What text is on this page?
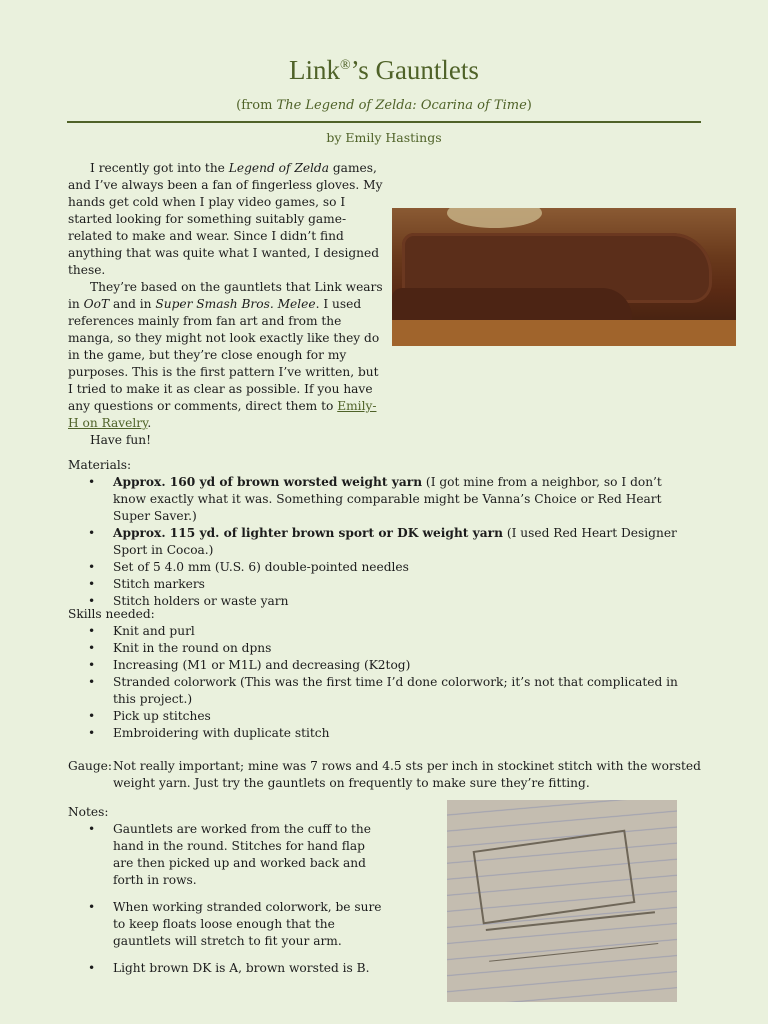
Link®’s Gauntlets
(from The Legend of Zelda: Ocarina of Time)
by Emily Hastings

I recently got into the Legend of Zelda games, and I’ve always been a fan of fingerless gloves. My hands get cold when I play video games, so I started looking for something suitably game-related to make and wear. Since I didn’t find anything that was quite what I wanted, I designed these.

They’re based on the gauntlets that Link wears in OoT and in Super Smash Bros. Melee. I used references mainly from fan art and from the manga, so they might not look exactly like they do in the game, but they’re close enough for my purposes. This is the first pattern I’ve written, but I tried to make it as clear as possible. If you have any questions or comments, direct them to Emily-H on Ravelry.

Have fun!

Materials:

• Approx. 160 yd of brown worsted weight yarn (I got mine from a neighbor, so I don’t know exactly what it was. Something comparable might be Vanna’s Choice or Red Heart Super Saver.)
• Approx. 115 yd. of lighter brown sport or DK weight yarn (I used Red Heart Designer Sport in Cocoa.)
• Set of 5 4.0 mm (U.S. 6) double-pointed needles
• Stitch markers
• Stitch holders or waste yarn

Skills needed:

• Knit and purl
• Knit in the round on dpns
• Increasing (M1 or M1L) and decreasing (K2tog)
• Stranded colorwork (This was the first time I’d done colorwork; it’s not that complicated in this project.)
• Pick up stitches
• Embroidering with duplicate stitch
Gauge: Not really important; mine was 7 rows and 4.5 sts per inch in stockinet stitch with the worsted weight yarn. Just try the gauntlets on frequently to make sure they’re fitting.

Notes:

• Gauntlets are worked from the cuff to the hand in the round. Stitches for hand flap are then picked up and worked back and forth in rows.
• When working stranded colorwork, be sure to keep floats loose enough that the gauntlets will stretch to fit your arm.
• Light brown DK is A, brown worsted is B.
